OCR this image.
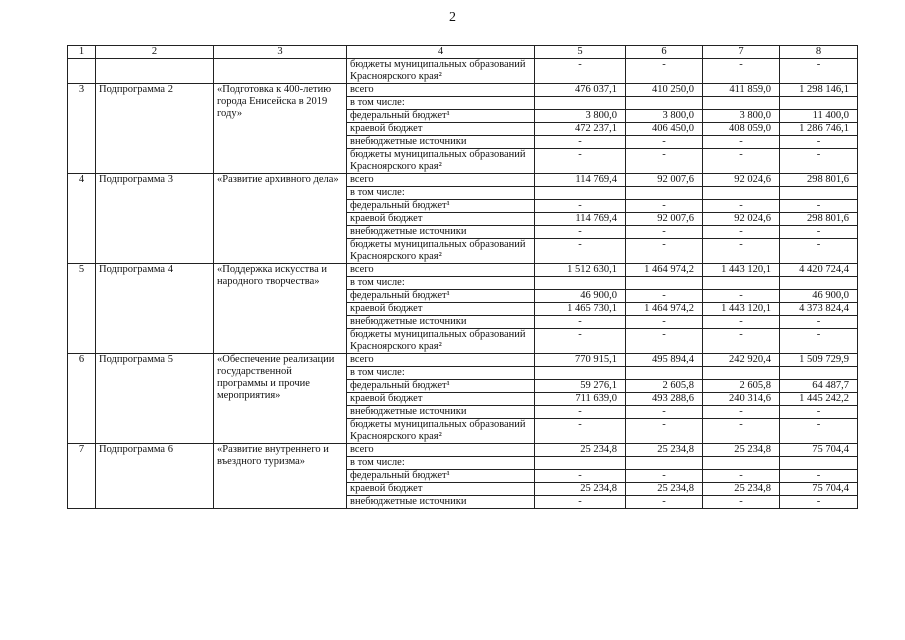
2
1	2	3	4	5	6	7	8
			бюджеты муниципальных образований Красноярского края²	-	-	-	-
3	Подпрограмма 2	«Подготовка к 400-летию города Енисейска в 2019 году»	всего	476 037,1	410 250,0	411 859,0	1 298 146,1
			в том числе:				
			федеральный бюджет¹	3 800,0	3 800,0	3 800,0	11 400,0
			краевой бюджет	472 237,1	406 450,0	408 059,0	1 286 746,1
			внебюджетные источники	-	-	-	-
			бюджеты муниципальных образований Красноярского края²	-	-	-	-
4	Подпрограмма 3	«Развитие архивного дела»	всего	114 769,4	92 007,6	92 024,6	298 801,6
			в том числе:				
			федеральный бюджет¹	-	-	-	-
			краевой бюджет	114 769,4	92 007,6	92 024,6	298 801,6
			внебюджетные источники	-	-	-	-
			бюджеты муниципальных образований Красноярского края²	-	-	-	-
5	Подпрограмма 4	«Поддержка искусства и народного творчества»	всего	1 512 630,1	1 464 974,2	1 443 120,1	4 420 724,4
			в том числе:				
			федеральный бюджет¹	46 900,0	-	-	46 900,0
			краевой бюджет	1 465 730,1	1 464 974,2	1 443 120,1	4 373 824,4
			внебюджетные источники	-	-	-	-
			бюджеты муниципальных образований Красноярского края²	-	-	-	-
6	Подпрограмма 5	«Обеспечение реализации государственной программы и прочие мероприятия»	всего	770 915,1	495 894,4	242 920,4	1 509 729,9
			в том числе:				
			федеральный бюджет¹	59 276,1	2 605,8	2 605,8	64 487,7
			краевой бюджет	711 639,0	493 288,6	240 314,6	1 445 242,2
			внебюджетные источники	-	-	-	-
			бюджеты муниципальных образований Красноярского края²	-	-	-	-
7	Подпрограмма 6	«Развитие внутреннего и въездного туризма»	всего	25 234,8	25 234,8	25 234,8	75 704,4
			в том числе:				
			федеральный бюджет¹	-	-	-	-
			краевой бюджет	25 234,8	25 234,8	25 234,8	75 704,4
			внебюджетные источники	-	-	-	-
